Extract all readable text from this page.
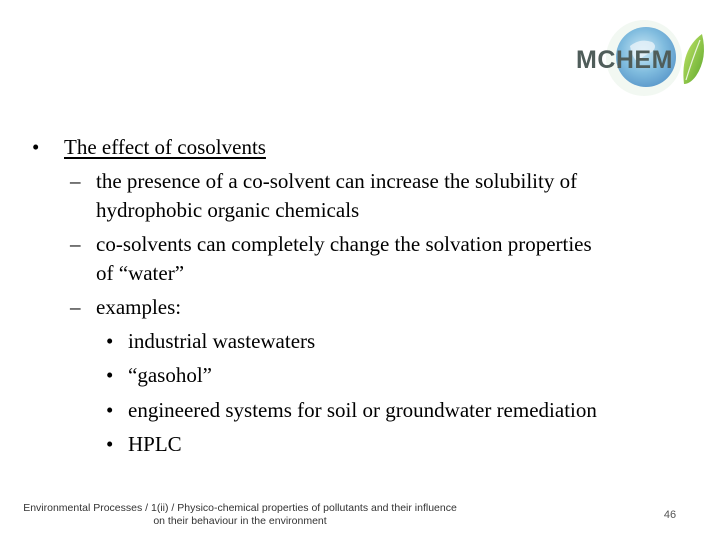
MCHEM
• The effect of cosolvents
– the presence of a co-solvent can increase the solubility of
hydrophobic organic chemicals
– co-solvents can completely change the solvation properties
of “water”
– examples:
• industrial wastewaters
• “gasohol”
• engineered systems for soil or groundwater remediation
• HPLC
Environmental Processes / 1(ii) / Physico-chemical properties of pollutants and their influence
on their behaviour in the environment	46
